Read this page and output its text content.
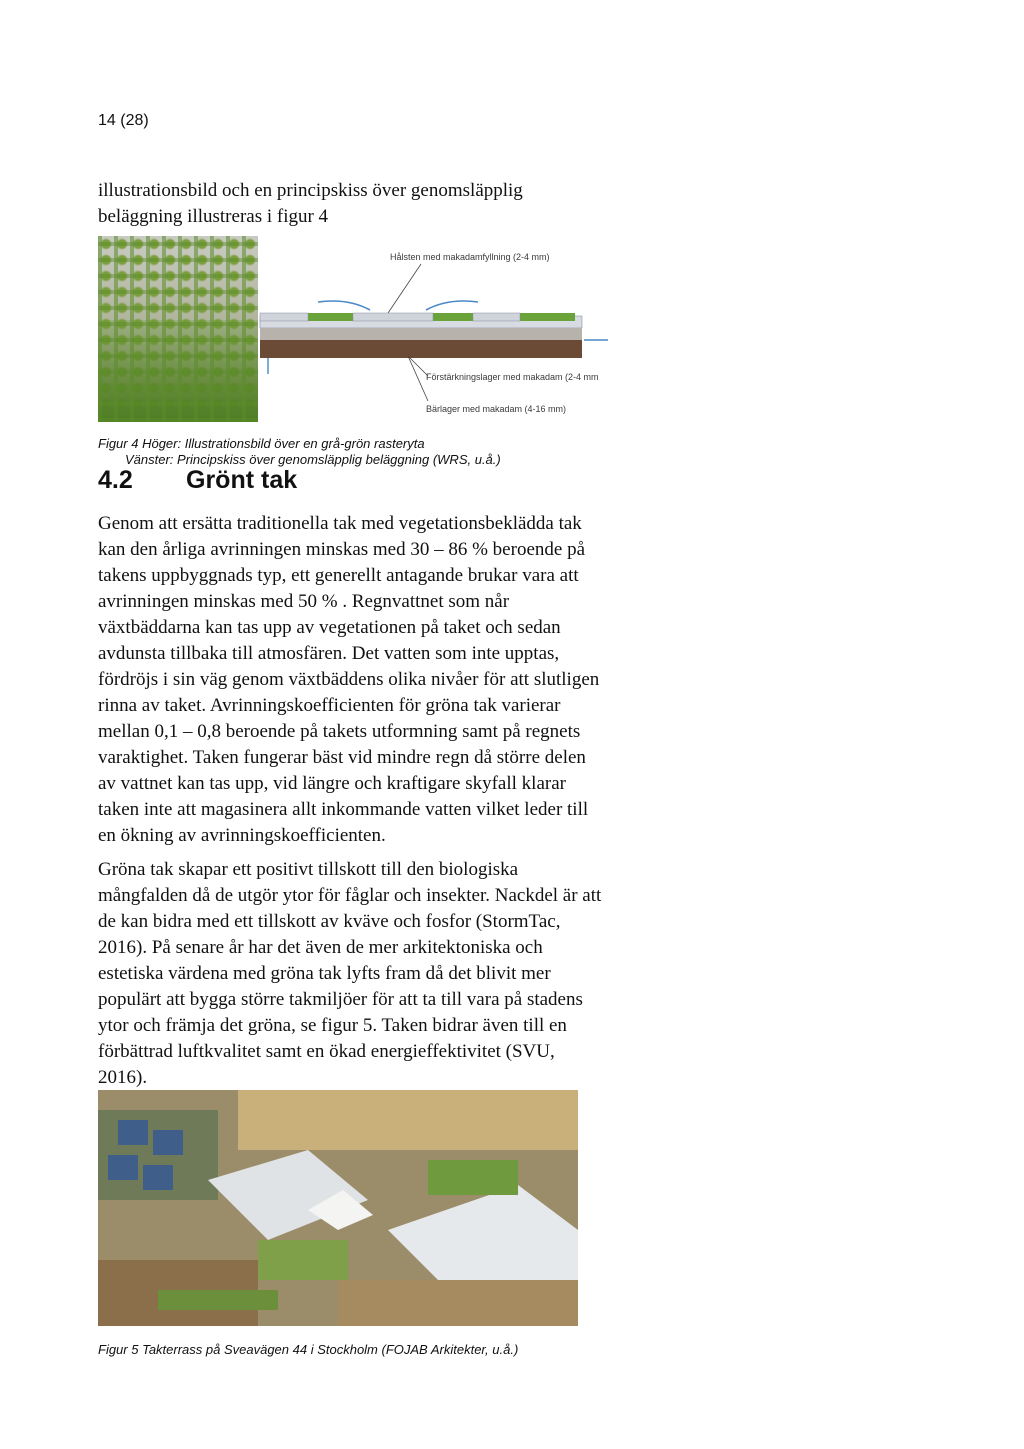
14 (28)

illustrationsbild och en principskiss över genomsläpplig
beläggning illustreras i figur 4

Hålsten med makadamfyllning (2-4 mm)
Förstärkningslager med makadam (2-4 mm
Bärlager med makadam (4-16 mm)
Figur 4 Höger: Illustrationsbild över en grå-grön rasteryta
Vänster: Principskiss över genomsläpplig beläggning (WRS, u.å.)
4.2 Grönt tak

Genom att ersätta traditionella tak med vegetationsbeklädda tak
kan den årliga avrinningen minskas med 30 – 86 % beroende på
takens uppbyggnads typ, ett generellt antagande brukar vara att
avrinningen minskas med 50 % . Regnvattnet som når
växtbäddarna kan tas upp av vegetationen på taket och sedan
avdunsta tillbaka till atmosfären. Det vatten som inte upptas,
fördröjs i sin väg genom växtbäddens olika nivåer för att slutligen
rinna av taket. Avrinningskoefficienten för gröna tak varierar
mellan 0,1 – 0,8 beroende på takets utformning samt på regnets
varaktighet. Taken fungerar bäst vid mindre regn då större delen
av vattnet kan tas upp, vid längre och kraftigare skyfall klarar
taken inte att magasinera allt inkommande vatten vilket leder till
en ökning av avrinningskoefficienten.

Gröna tak skapar ett positivt tillskott till den biologiska
mångfalden då de utgör ytor för fåglar och insekter. Nackdel är att
de kan bidra med ett tillskott av kväve och fosfor (StormTac,
2016). På senare år har det även de mer arkitektoniska och
estetiska värdena med gröna tak lyfts fram då det blivit mer
populärt att bygga större takmiljöer för att ta till vara på stadens
ytor och främja det gröna, se figur 5. Taken bidrar även till en
förbättrad luftkvalitet samt en ökad energieffektivitet (SVU,
2016).

Figur 5 Takterrass på Sveavägen 44 i Stockholm (FOJAB Arkitekter, u.å.)
